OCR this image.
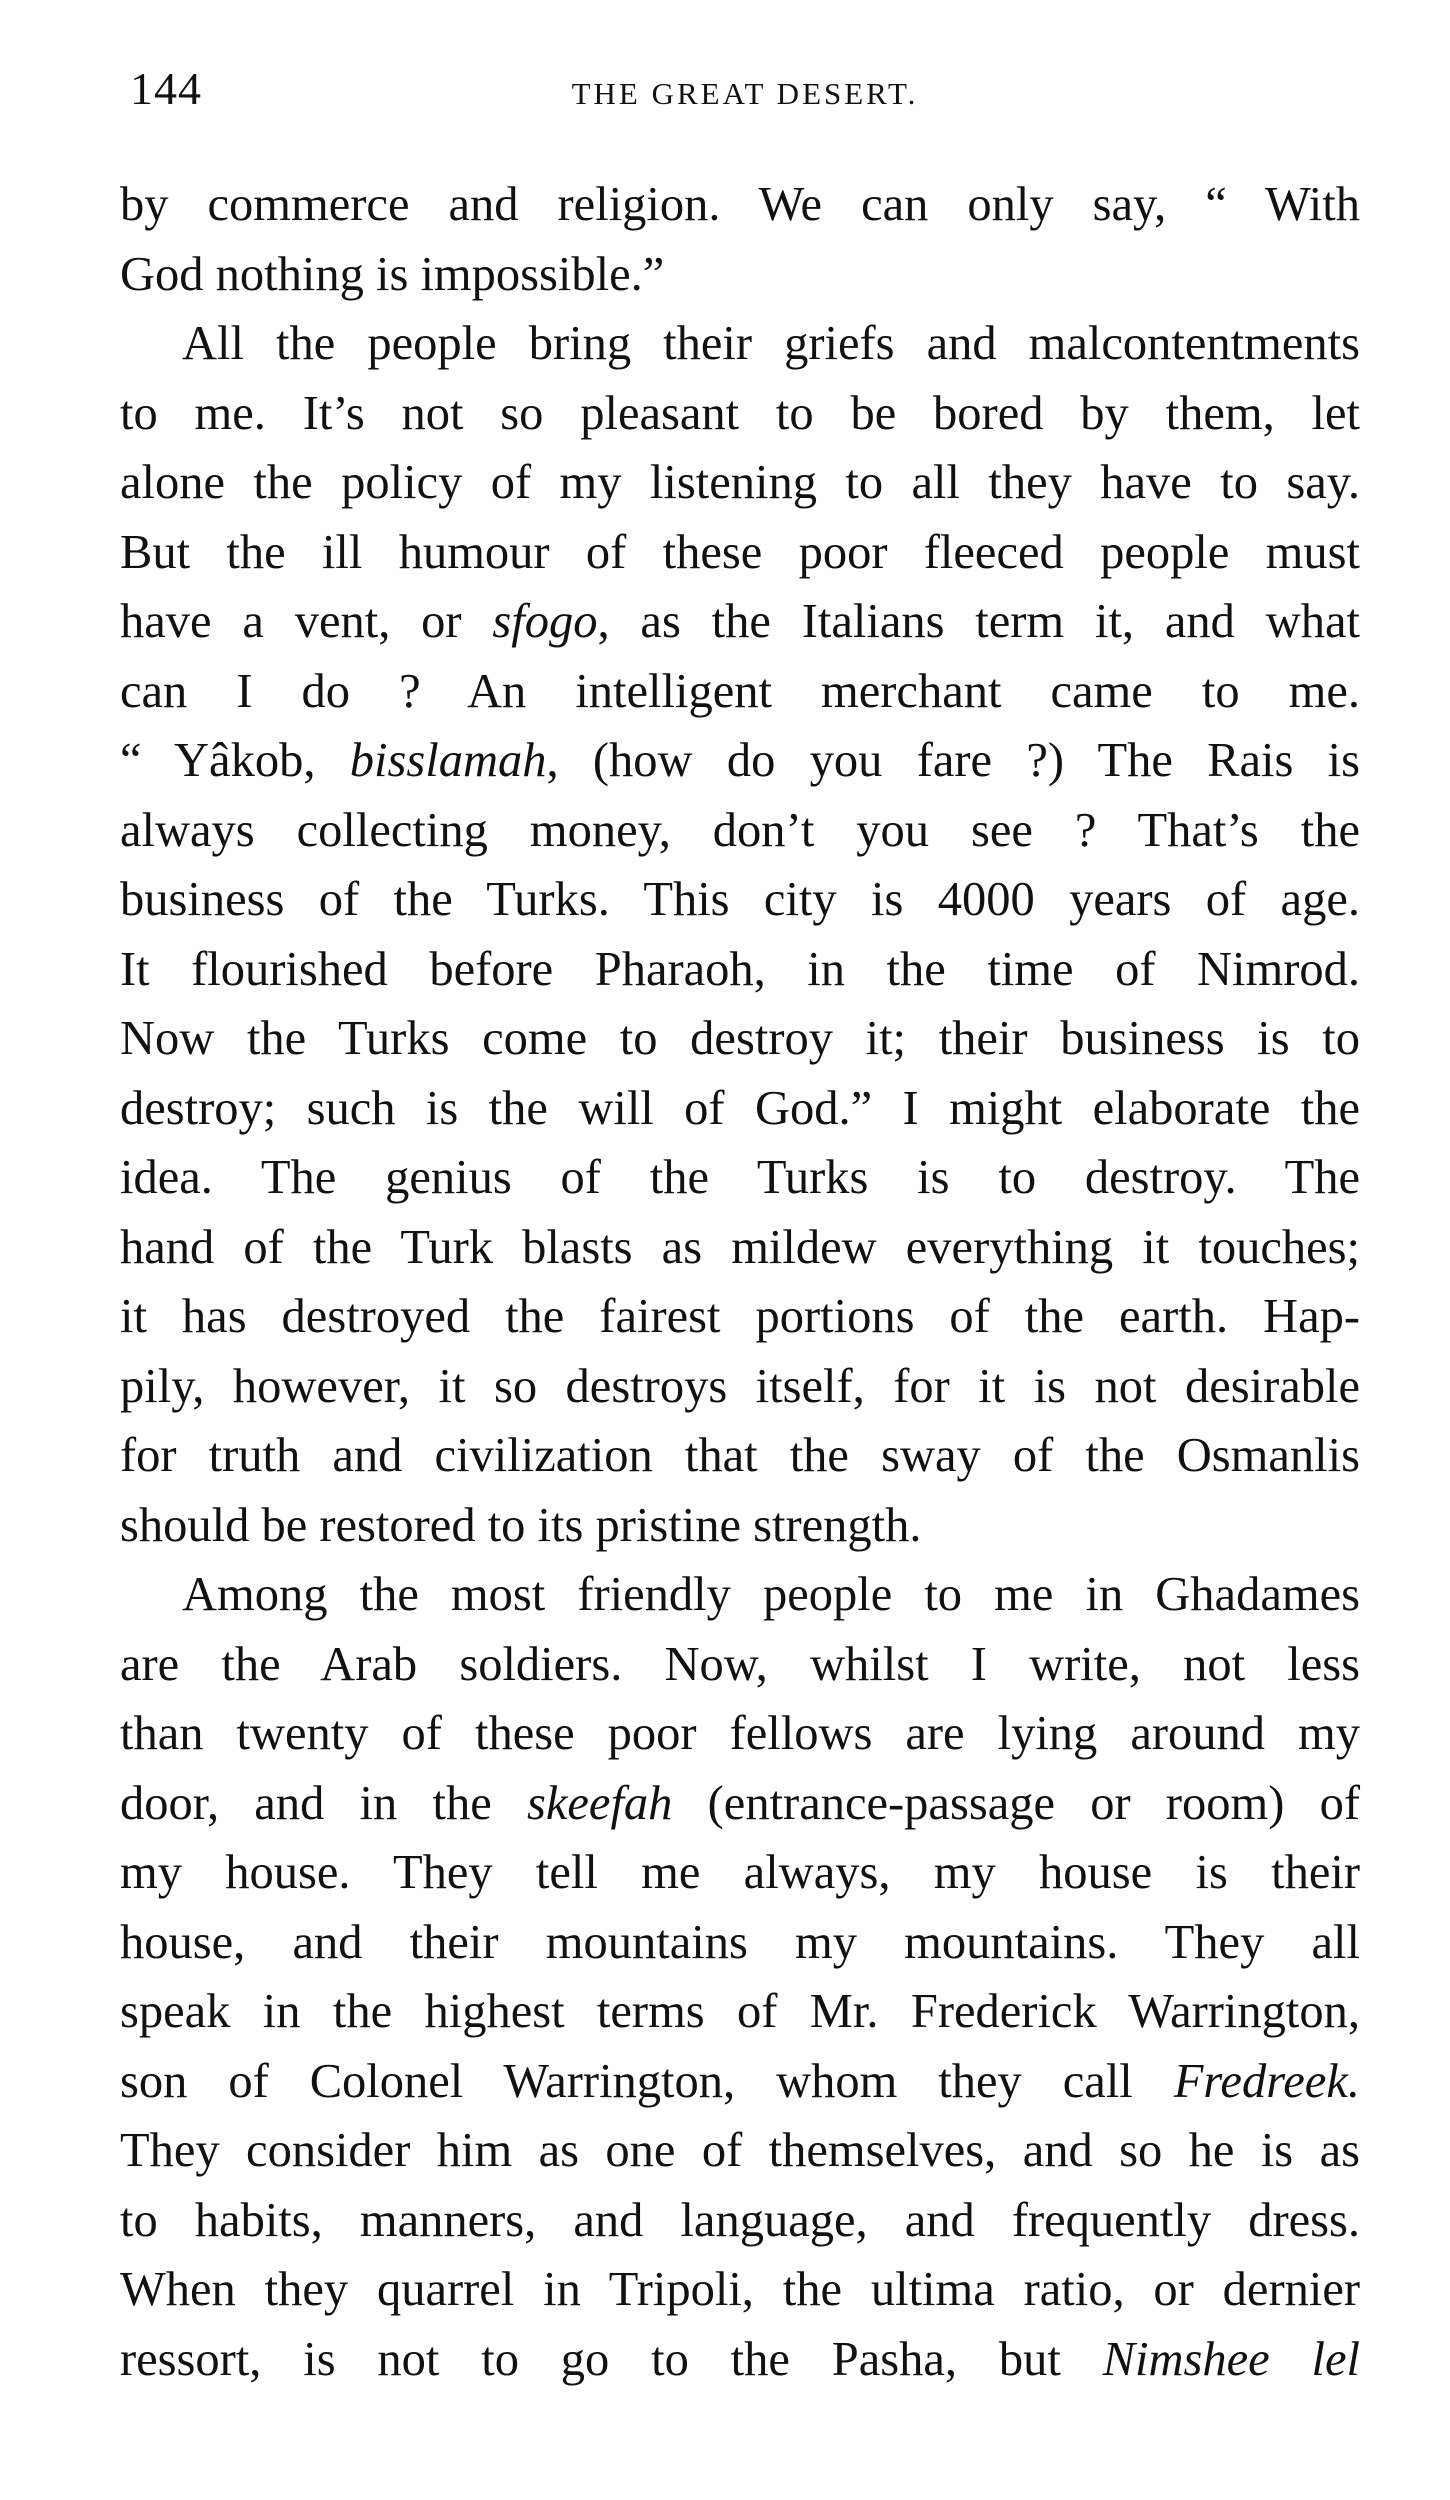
144	THE GREAT DESERT.
by commerce and religion. We can only say, “ With
God nothing is impossible.”
All the people bring their griefs and malcontentments
to me. It’s not so pleasant to be bored by them, let
alone the policy of my listening to all they have to say.
But the ill humour of these poor fleeced people must
have a vent, or sfogo, as the Italians term it, and what
can I do ? An intelligent merchant came to me.
“ Yâkob, bisslamah, (how do you fare ?) The Rais is
always collecting money, don’t you see ? That’s the
business of the Turks. This city is 4000 years of age.
It flourished before Pharaoh, in the time of Nimrod.
Now the Turks come to destroy it; their business is to
destroy; such is the will of God.” I might elaborate the
idea. The genius of the Turks is to destroy. The
hand of the Turk blasts as mildew everything it touches;
it has destroyed the fairest portions of the earth. Hap-
pily, however, it so destroys itself, for it is not desirable
for truth and civilization that the sway of the Osmanlis
should be restored to its pristine strength.
Among the most friendly people to me in Ghadames
are the Arab soldiers. Now, whilst I write, not less
than twenty of these poor fellows are lying around my
door, and in the skeefah (entrance-passage or room) of
my house. They tell me always, my house is their
house, and their mountains my mountains. They all
speak in the highest terms of Mr. Frederick Warrington,
son of Colonel Warrington, whom they call Fredreek.
They consider him as one of themselves, and so he is as
to habits, manners, and language, and frequently dress.
When they quarrel in Tripoli, the ultima ratio, or dernier
ressort, is not to go to the Pasha, but Nimshee lel
